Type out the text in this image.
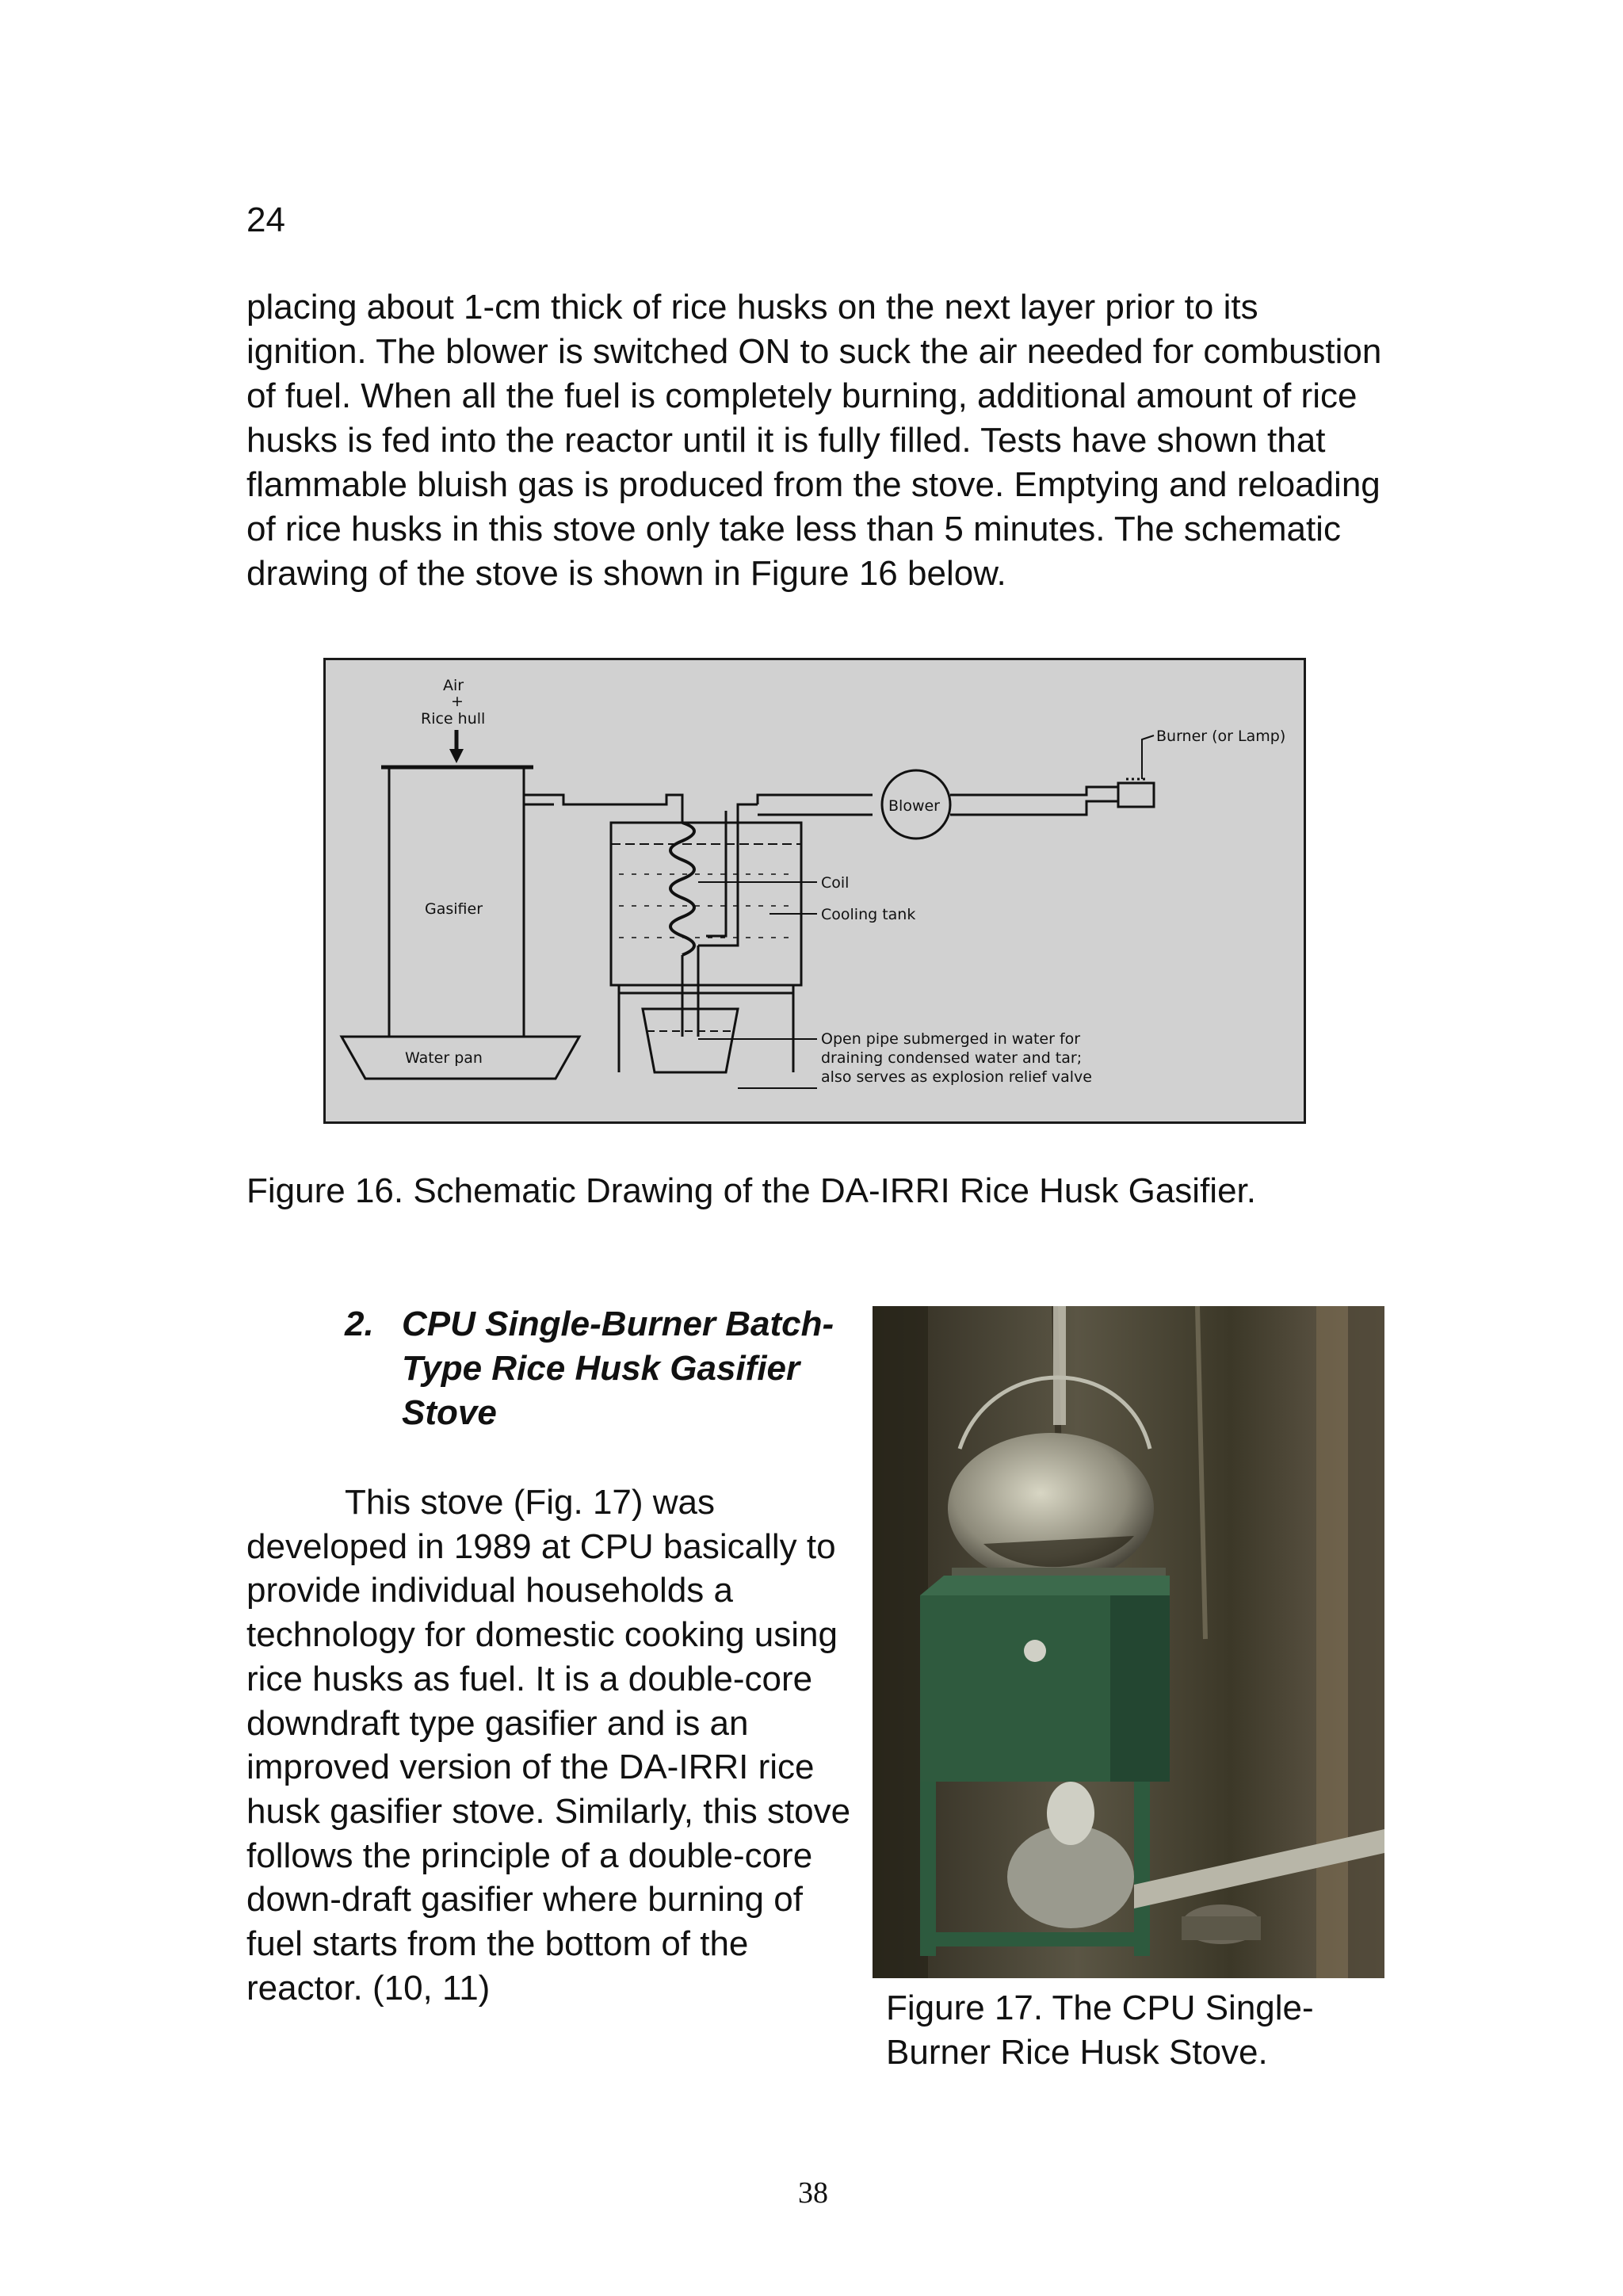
24

placing about 1-cm thick of rice husks on the next layer prior to its ignition. The blower is switched ON to suck the air needed for combustion of fuel. When all the fuel is completely burning, additional amount of rice husks is fed into the reactor until it is fully filled. Tests have shown that flammable bluish gas is produced from the stove. Emptying and reloading of rice husks in this stove only take less than 5 minutes. The schematic drawing of the stove is shown in Figure 16 below.

Air
+
Rice hull
Burner (or Lamp)
Blower
Gasifier
Coil
Cooling tank
Water pan
Open pipe submerged in water for
draining condensed water and tar;
also serves as explosion relief valve
Figure 16. Schematic Drawing of the DA-IRRI Rice Husk Gasifier.
2. CPU Single-Burner Batch-Type Rice Husk Gasifier Stove

This stove (Fig. 17) was developed in 1989 at CPU basically to provide individual households a technology for domestic cooking using rice husks as fuel. It is a double-core downdraft type gasifier and is an improved version of the DA-IRRI rice husk gasifier stove. Similarly, this stove follows the principle of a double-core down-draft gasifier where burning of fuel starts from the bottom of the reactor. (10, 11)

Figure 17. The CPU Single-Burner Rice Husk Stove.
38
